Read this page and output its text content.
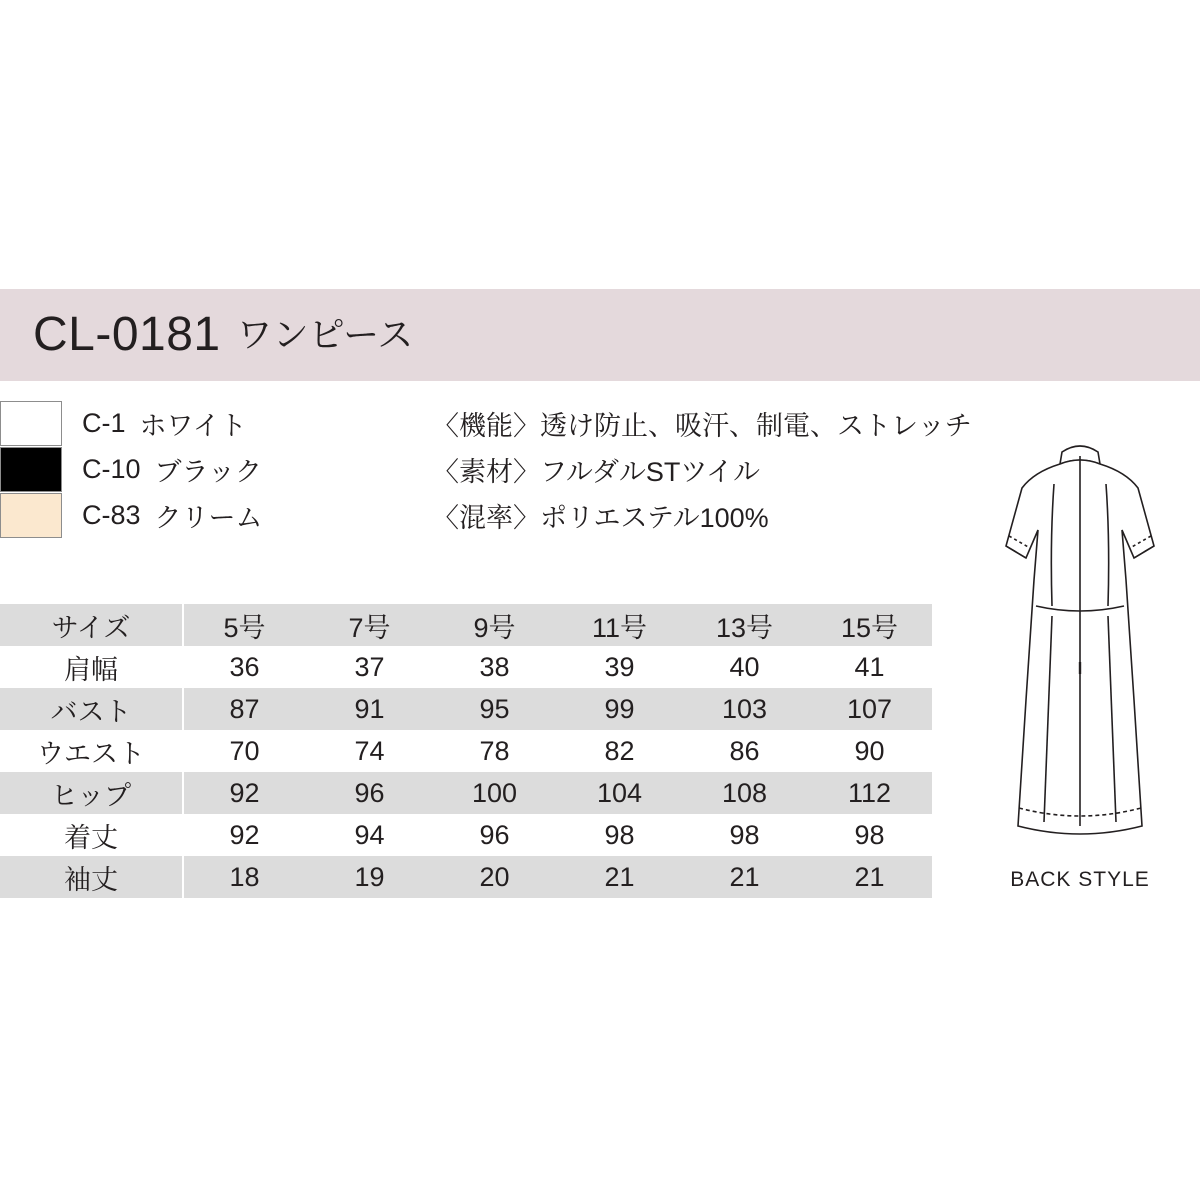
CL-0181 ワンピース
C-1 ホワイト
C-10 ブラック
C-83 クリーム
〈機能〉透け防止、吸汗、制電、ストレッチ
〈素材〉フルダルSTツイル
〈混率〉ポリエステル100%
サイズ	5号	7号	9号	11号	13号	15号
肩幅	36	37	38	39	40	41
バスト	87	91	95	99	103	107
ウエスト	70	74	78	82	86	90
ヒップ	92	96	100	104	108	112
着丈	92	94	96	98	98	98
袖丈	18	19	20	21	21	21	BACK STYLE
